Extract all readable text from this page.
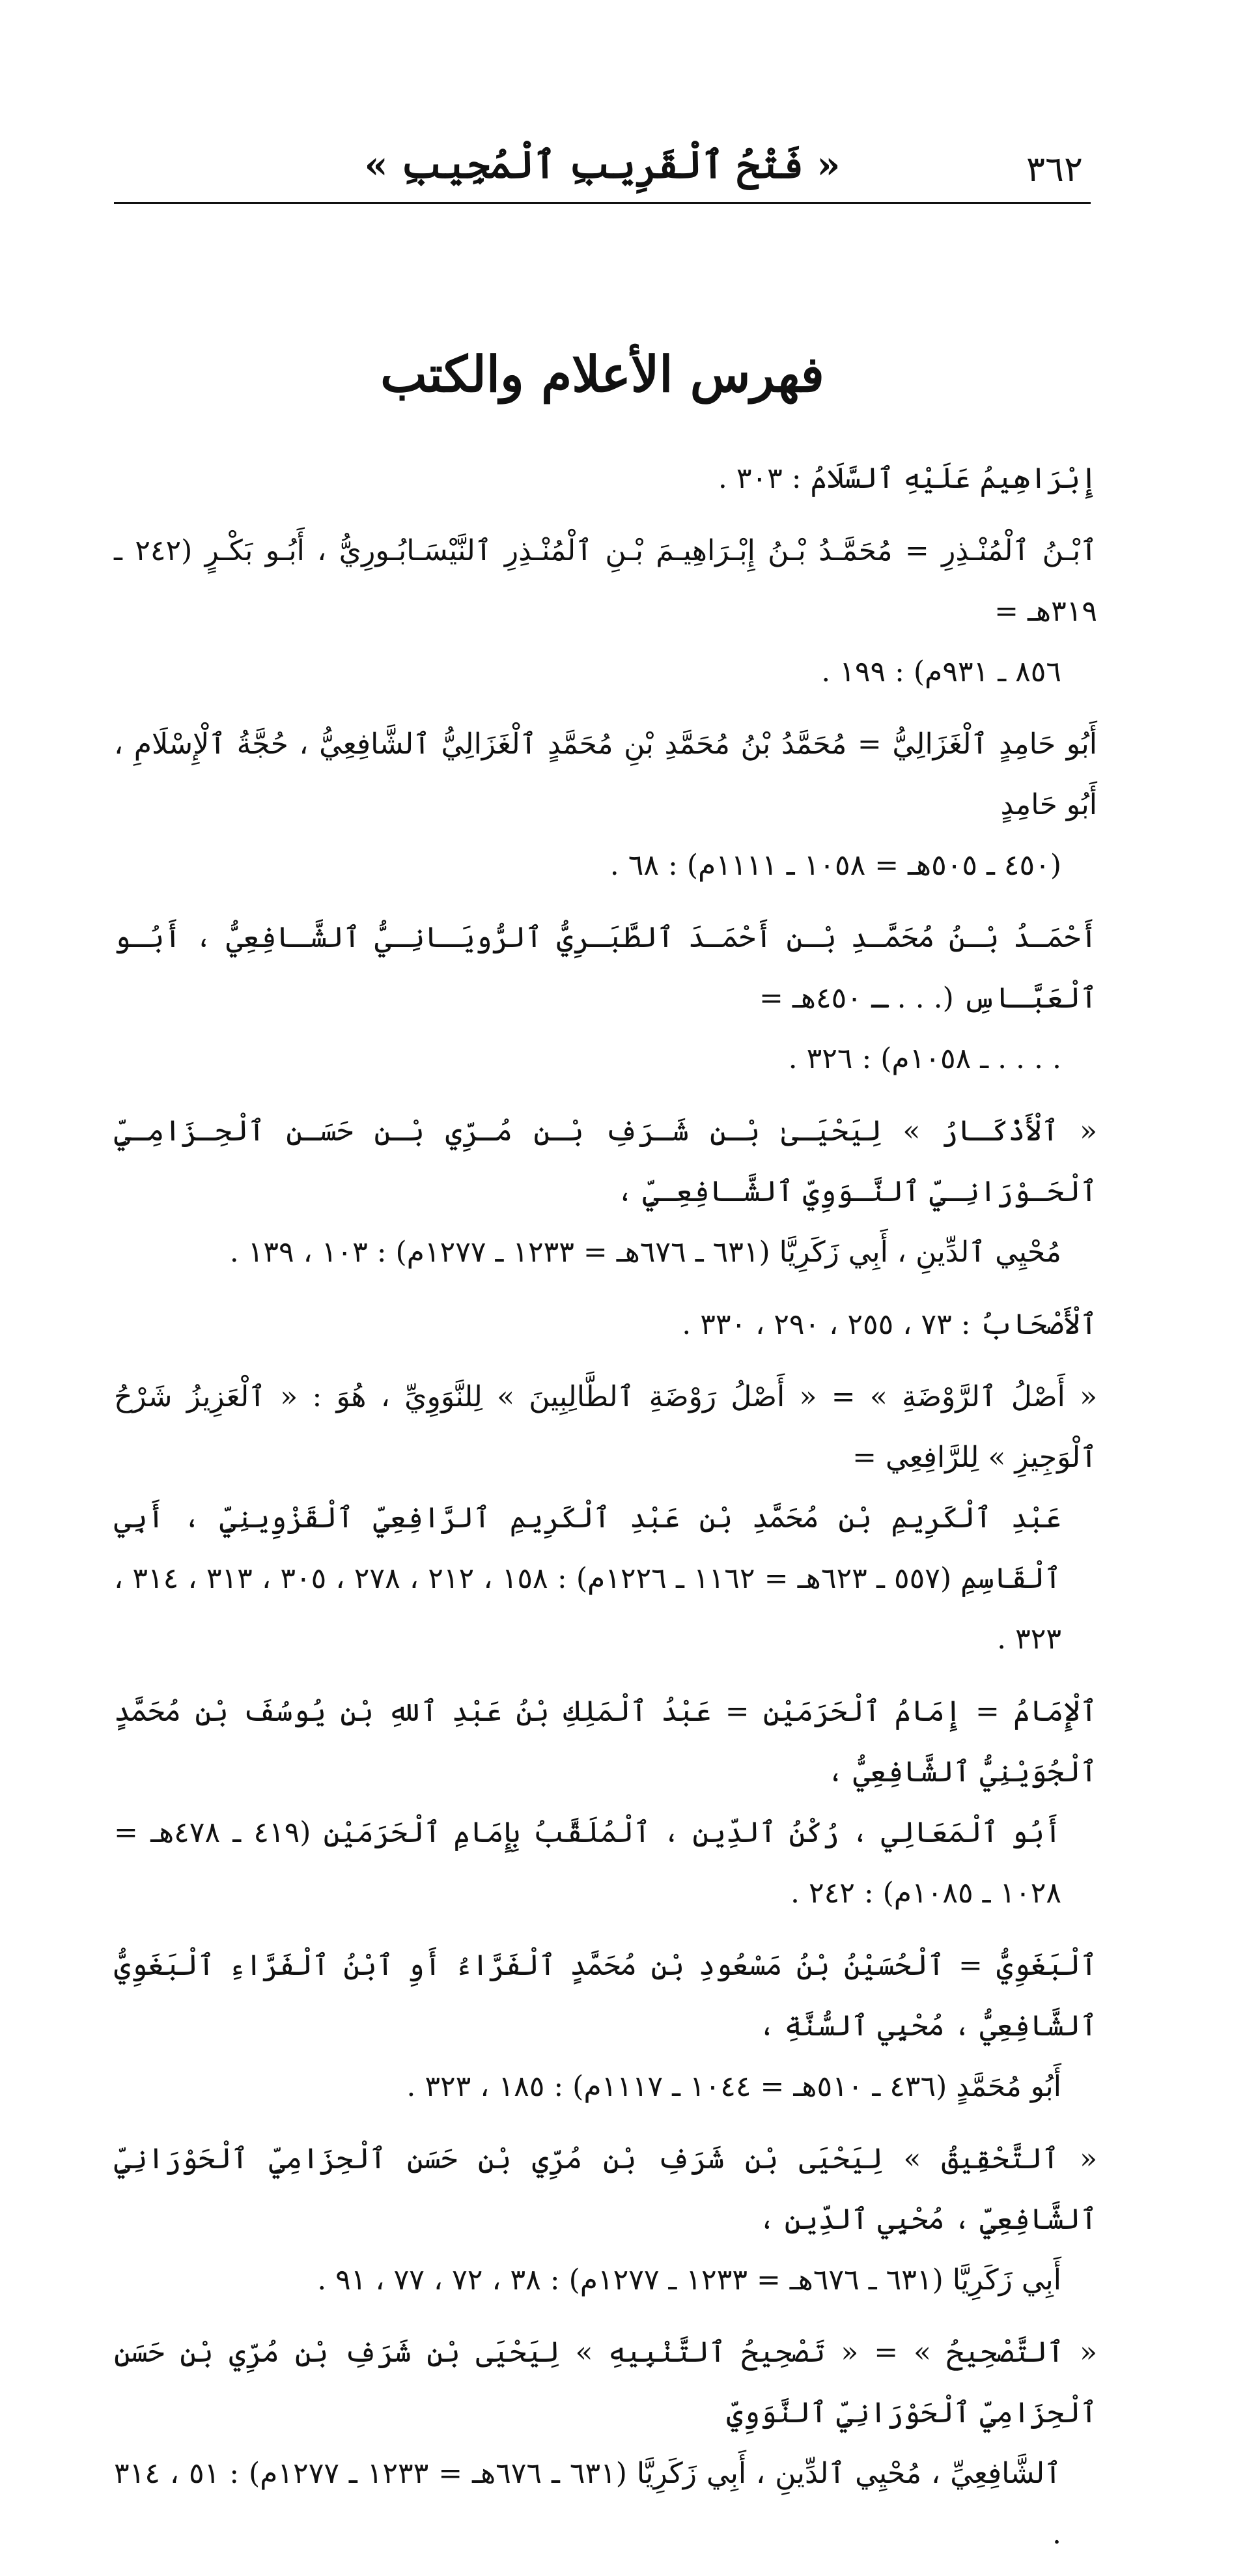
٣٦٢
« فَتْحُ ٱلْقَرِيبِ ٱلْمُجِيبِ »
فهرس الأعلام والكتب

إِبْرَاهِيمُ عَلَيْهِ ٱلسَّلَامُ : ٣٠٣ .

ٱبْـنُ ٱلْمُنْـذِرِ = مُحَمَّـدُ بْـنُ إِبْـرَاهِيـمَ بْـنِ ٱلْمُنْـذِرِ ٱلنَّيْسَـابُـورِيُّ ، أَبُـو بَكْـرٍ (٢٤٢ ـ ٣١٩هـ =
٨٥٦ ـ ٩٣١م) : ١٩٩ .

أَبُو حَامِدٍ ٱلْغَزَالِيُّ = مُحَمَّدُ بْنُ مُحَمَّدِ بْنِ مُحَمَّدٍ ٱلْغَزَالِيُّ ٱلشَّافِعِيُّ ، حُجَّةُ ٱلْإِسْلَامِ ، أَبُو حَامِدٍ
(٤٥٠ ـ ٥٠٥هـ = ١٠٥٨ ـ ١١١١م) : ٦٨ .

أَحْمَـدُ بْـنُ مُحَمَّـدِ بْـنِ أَحْمَـدَ ٱلطَّبَـرِيُّ ٱلرُّويَـانِـيُّ ٱلشَّـافِعِيُّ ، أَبُـو ٱلْعَبَّـاسِ (. . . ـ ٤٥٠هـ =
. . . . ـ ١٠٥٨م) : ٣٢٦ .

« ٱلْأَذْكَـارُ » لِيَحْيَـىٰ بْـنِ شَـرَفِ بْـنِ مُـرِّي بْـنِ حَسَـنِ ٱلْحِـزَامِـيِّ ٱلْحَـوْرَانِـيِّ ٱلنَّـوَوِيِّ ٱلشَّـافِعِـيِّ ،
مُحْيِي ٱلدِّينِ ، أَبِي زَكَرِيَّا (٦٣١ ـ ٦٧٦هـ = ١٢٣٣ ـ ١٢٧٧م) : ١٠٣ ، ١٣٩ .

ٱلْأَصْحَابُ : ٧٣ ، ٢٥٥ ، ٢٩٠ ، ٣٣٠ .

« أَصْلُ ٱلرَّوْضَةِ » = « أَصْلُ رَوْضَةِ ٱلطَّالِبِينَ » لِلنَّوَوِيِّ ، هُوَ : « ٱلْعَزِيزُ شَرْحُ ٱلْوَجِيزِ » لِلرَّافِعِي =
عَبْدِ ٱلْكَرِيمِ بْنِ مُحَمَّدِ بْنِ عَبْدِ ٱلْكَرِيمِ ٱلرَّافِعِيِّ ٱلْقَزْوِينِيِّ ، أَبِي ٱلْقَاسِمِ (٥٥٧ ـ ٦٢٣هـ = ١١٦٢ ـ ١٢٢٦م) : ١٥٨ ، ٢١٢ ، ٢٧٨ ، ٣٠٥ ، ٣١٣ ، ٣١٤ ، ٣٢٣ .

ٱلْإِمَامُ = إِمَامُ ٱلْحَرَمَيْنِ = عَبْدُ ٱلْمَلِكِ بْنُ عَبْدِ ٱللهِ بْنِ يُوسُفَ بْنِ مُحَمَّدٍ ٱلْجُوَيْنِيُّ ٱلشَّافِعِيُّ ،
أَبُو ٱلْمَعَالِي ، رُكْنُ ٱلدِّينِ ، ٱلْمُلَقَّبُ بِإِمَامِ ٱلْحَرَمَيْنِ (٤١٩ ـ ٤٧٨هـ = ١٠٢٨ ـ ١٠٨٥م) : ٢٤٢ .

ٱلْبَغَوِيُّ = ٱلْحُسَيْنُ بْنُ مَسْعُودِ بْنِ مُحَمَّدٍ ٱلْفَرَّاءُ أَوِ ٱبْنُ ٱلْفَرَّاءِ ٱلْبَغَوِيُّ ٱلشَّافِعِيُّ ، مُحْيِي ٱلسُّنَّةِ ،
أَبُو مُحَمَّدٍ (٤٣٦ ـ ٥١٠هـ = ١٠٤٤ ـ ١١١٧م) : ١٨٥ ، ٣٢٣ .

« ٱلتَّحْقِيقُ » لِيَحْيَى بْنِ شَرَفِ بْنِ مُرِّي بْنِ حَسَنِ ٱلْحِزَامِيِّ ٱلْحَوْرَانِيِّ ٱلشَّافِعِيِّ ، مُحْيِي ٱلدِّينِ ،
أَبِي زَكَرِيَّا (٦٣١ ـ ٦٧٦هـ = ١٢٣٣ ـ ١٢٧٧م) : ٣٨ ، ٧٢ ، ٧٧ ، ٩١ .

« ٱلتَّصْحِيحُ » = « تَصْحِيحُ ٱلتَّنْبِيهِ » لِيَحْيَى بْنِ شَرَفِ بْنِ مُرِّي بْنِ حَسَنِ ٱلْحِزَامِيِّ ٱلْحَوْرَانِيِّ ٱلنَّوَوِيِّ
ٱلشَّافِعِيِّ ، مُحْيِي ٱلدِّينِ ، أَبِي زَكَرِيَّا (٦٣١ ـ ٦٧٦هـ = ١٢٣٣ ـ ١٢٧٧م) : ٥١ ، ٣١٤ .
